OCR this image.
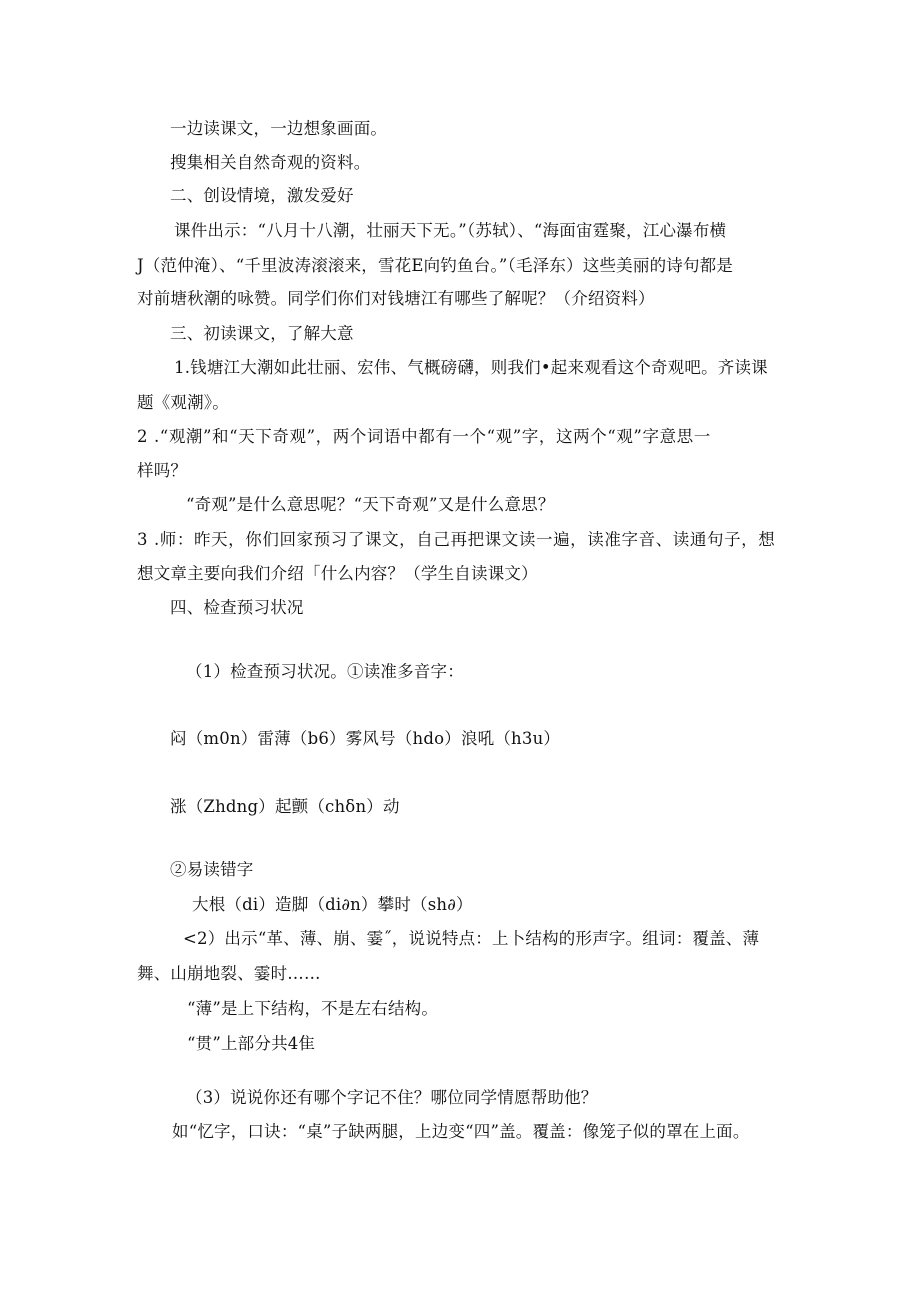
一边读课文，一边想象画面。
搜集相关自然奇观的资料。
二、创设情境，激发爱好
课件出示：“八月十八潮，壮丽天下无。”（苏轼）、“海面宙霆聚，江心瀑布横
J（范仲淹）、“千里波涛滚滚来，雪花E向钓鱼台。”（毛泽东）这些美丽的诗句都是
对前塘秋潮的咏赞。同学们你们对钱塘江有哪些了解呢？（介绍资料）
三、初读课文，了解大意
1.钱塘江大潮如此壮丽、宏伟、气概磅礴，则我们•起来观看这个奇观吧。齐读课
题《观潮》。
2 .“观潮”和“天下奇观”，两个词语中都有一个“观”字，这两个“观”字意思一
样吗？
“奇观”是什么意思呢？“天下奇观”又是什么意思？
3 .师：昨天，你们回家预习了课文，自己再把课文读一遍，读准字音、读通句子，想
想文章主要向我们介绍「什么内容？（学生自读课文）
四、检查预习状况
（1）检查预习状况。①读准多音字：
闷（m0n）雷薄（b6）雾风号（hdo）浪吼（h3u）
涨（Zhdng）起颤（chδn）动
②易读错字
大根（di）造脚（di∂n）攀时（sh∂）
<2）出示“革、薄、崩、霎˝，说说特点：上卜结构的形声字。组词：覆盖、薄
舞、山崩地裂、霎时……
“薄”是上下结构，不是左右结构。
“贯”上部分共4隹
（3）说说你还有哪个字记不住？哪位同学情愿帮助他？
如“忆字，口诀：“桌”子缺两腿，上边变“四”盖。覆盖：像笼子似的罩在上面。
